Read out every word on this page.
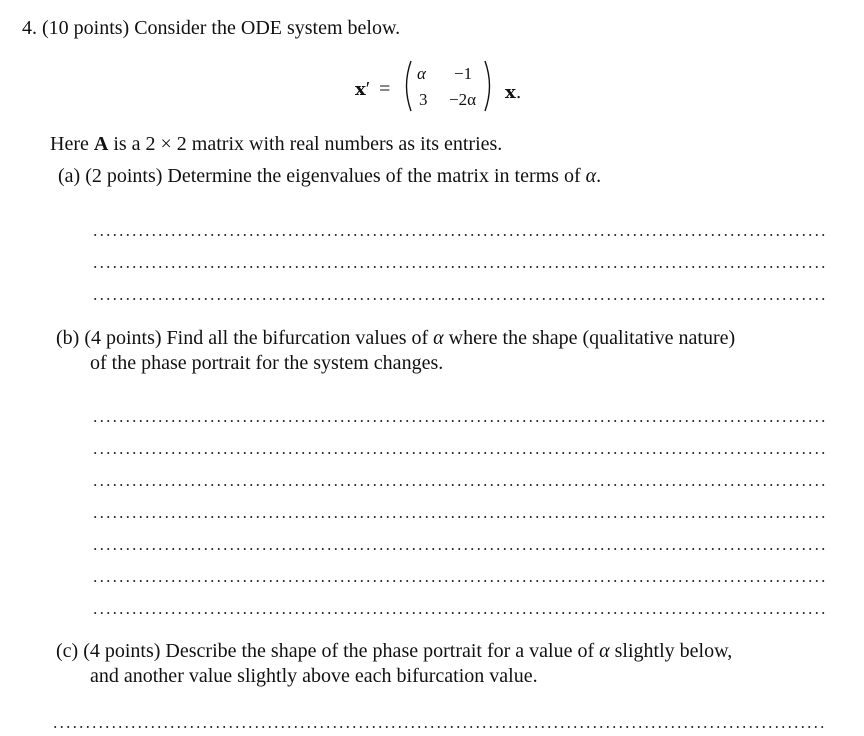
4. (10 points) Consider the ODE system below.
x′ =
α −1
3 −2α x.
Here A is a 2 × 2 matrix with real numbers as its entries.
(a) (2 points) Determine the eigenvalues of the matrix in terms of α.
(b) (4 points) Find all the bifurcation values of α where the shape (qualitative nature)
of the phase portrait for the system changes.
(c) (4 points) Describe the shape of the phase portrait for a value of α slightly below,
and another value slightly above each bifurcation value.
